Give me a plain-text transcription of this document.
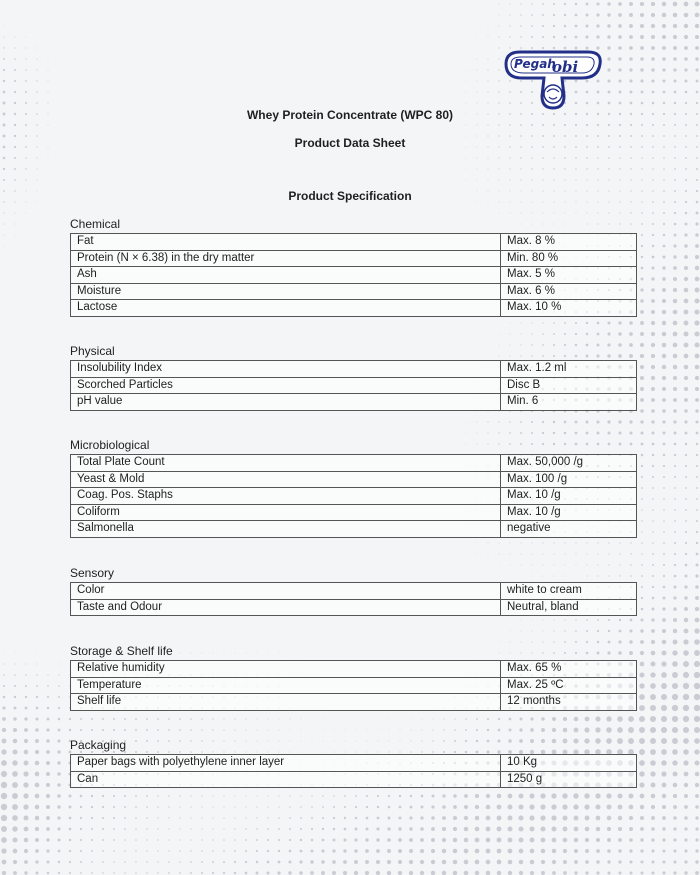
Pegah
obi
Whey Protein Concentrate (WPC 80)
Product Data Sheet
Product Specification
Chemical
Fat	Max. 8 %
Protein (N × 6.38) in the dry matter	Min. 80 %
Ash	Max. 5 %
Moisture	Max. 6 %
Lactose	Max. 10 %
Physical
Insolubility Index	Max. 1.2 ml
Scorched Particles	Disc B
pH value	Min. 6
Microbiological
Total Plate Count	Max. 50,000 /g
Yeast & Mold	Max. 100 /g
Coag. Pos. Staphs	Max. 10 /g
Coliform	Max. 10 /g
Salmonella	negative
Sensory
Color	white to cream
Taste and Odour	Neutral, bland
Storage & Shelf life
Relative humidity	Max. 65 %
Temperature	Max. 25 ºC
Shelf life	12 months
Packaging
Paper bags with polyethylene inner layer	10 Kg
Can	1250 g
